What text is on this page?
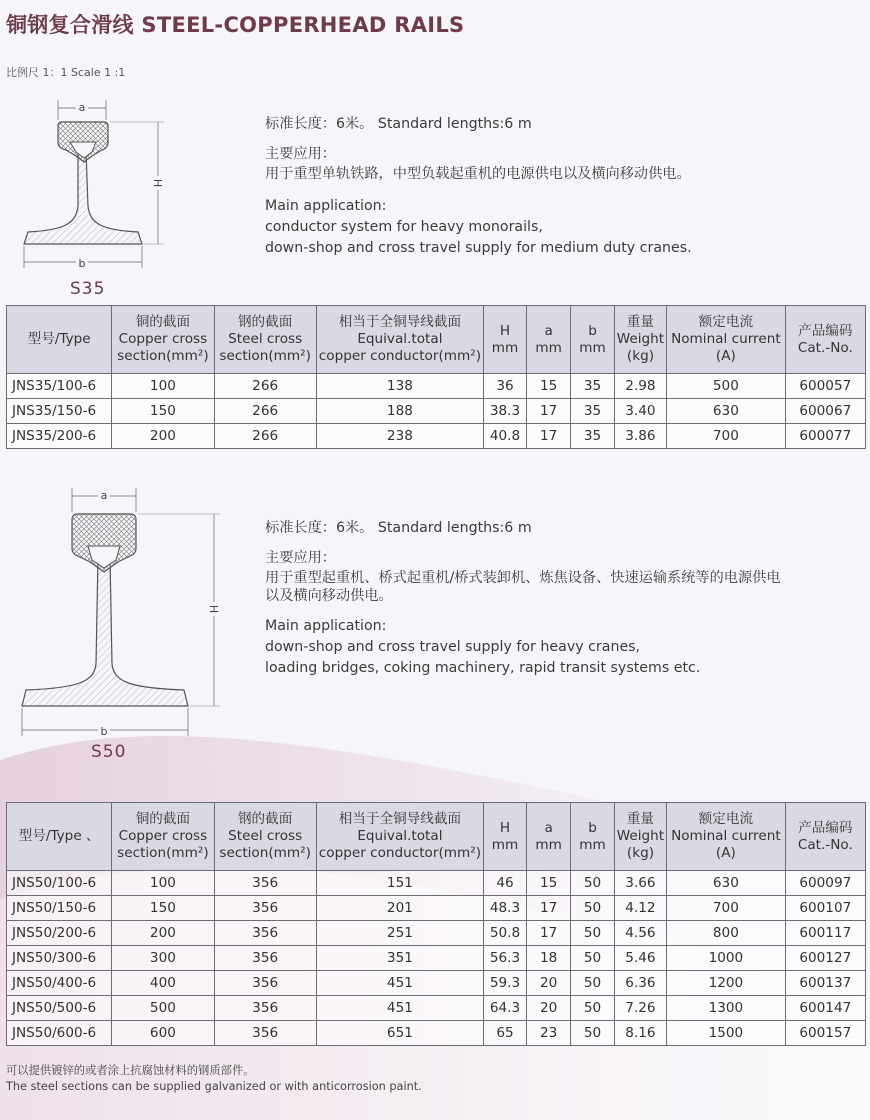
铜钢复合滑线 STEEL-COPPERHEAD RAILS
比例尺 1：1 Scale 1 :1
a
H
b
S35
标准长度：6米。 Standard lengths:6 m
主要应用：
用于重型单轨铁路，中型负载起重机的电源供电以及横向移动供电。
Main application:
conductor system for heavy monorails,
down-shop and cross travel supply for medium duty cranes.
型号/Type	铜的截面
Copper cross
section(mm²)	钢的截面
Steel cross
section(mm²)	相当于全铜导线截面
Equival.total
copper conductor(mm²)	H
mm	a
mm	b
mm	重量
Weight
(kg)	额定电流
Nominal current
(A)	产品编码
Cat.-No.

JNS35/100-6	100	266	138	36	15	35	2.98	500	600057
JNS35/150-6	150	266	188	38.3	17	35	3.40	630	600067
JNS35/200-6	200	266	238	40.8	17	35	3.86	700	600077
a
H
b
S50
标准长度：6米。 Standard lengths:6 m
主要应用：
用于重型起重机、桥式起重机/桥式装卸机、炼焦设备、快速运输系统等的电源供电
以及横向移动供电。
Main application:
down-shop and cross travel supply for heavy cranes,
loading bridges, coking machinery, rapid transit systems etc.
型号/Type 、	铜的截面
Copper cross
section(mm²)	钢的截面
Steel cross
section(mm²)	相当于全铜导线截面
Equival.total
copper conductor(mm²)	H
mm	a
mm	b
mm	重量
Weight
(kg)	额定电流
Nominal current
(A)	产品编码
Cat.-No.

JNS50/100-6	100	356	151	46	15	50	3.66	630	600097
JNS50/150-6	150	356	201	48.3	17	50	4.12	700	600107
JNS50/200-6	200	356	251	50.8	17	50	4.56	800	600117
JNS50/300-6	300	356	351	56.3	18	50	5.46	1000	600127
JNS50/400-6	400	356	451	59.3	20	50	6.36	1200	600137
JNS50/500-6	500	356	451	64.3	20	50	7.26	1300	600147
JNS50/600-6	600	356	651	65	23	50	8.16	1500	600157
可以提供镀锌的或者涂上抗腐蚀材料的钢质部件。
The steel sections can be supplied galvanized or with anticorrosion paint.
